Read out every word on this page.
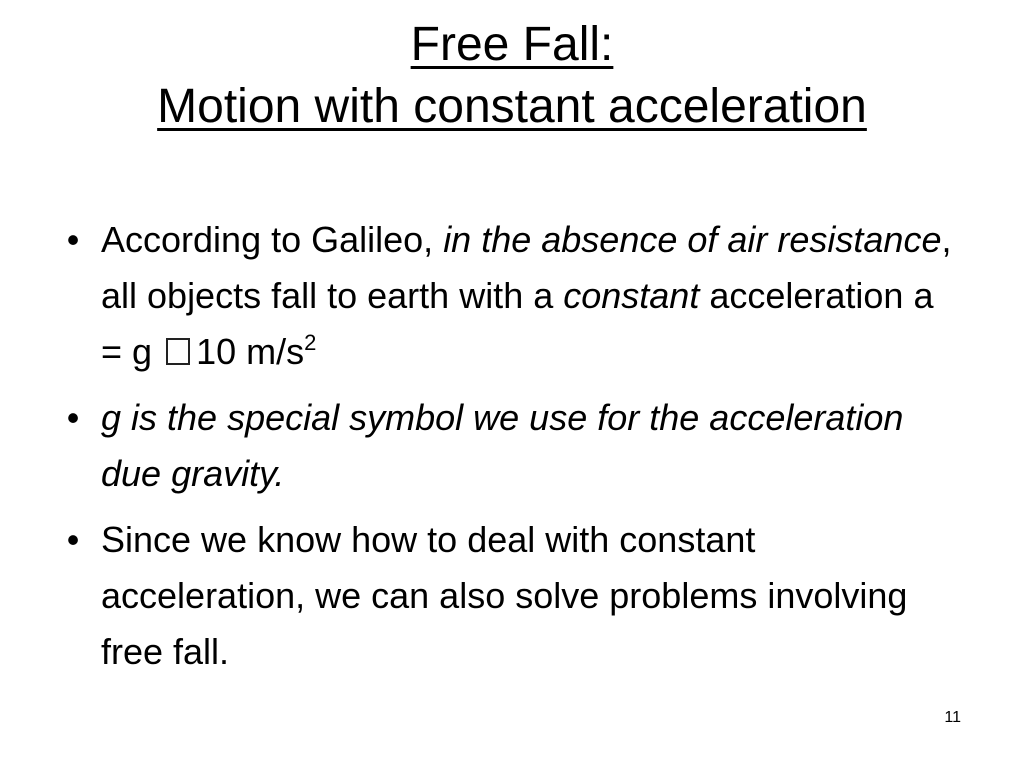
Free Fall:
Motion with constant acceleration
• According to Galileo, in the absence of air resistance, all objects fall to earth with a constant acceleration a = g 10 $m/s^2$
• g is the special symbol we use for the acceleration due gravity.
• Since we know how to deal with constant acceleration, we can also solve problems involving free fall.
11
